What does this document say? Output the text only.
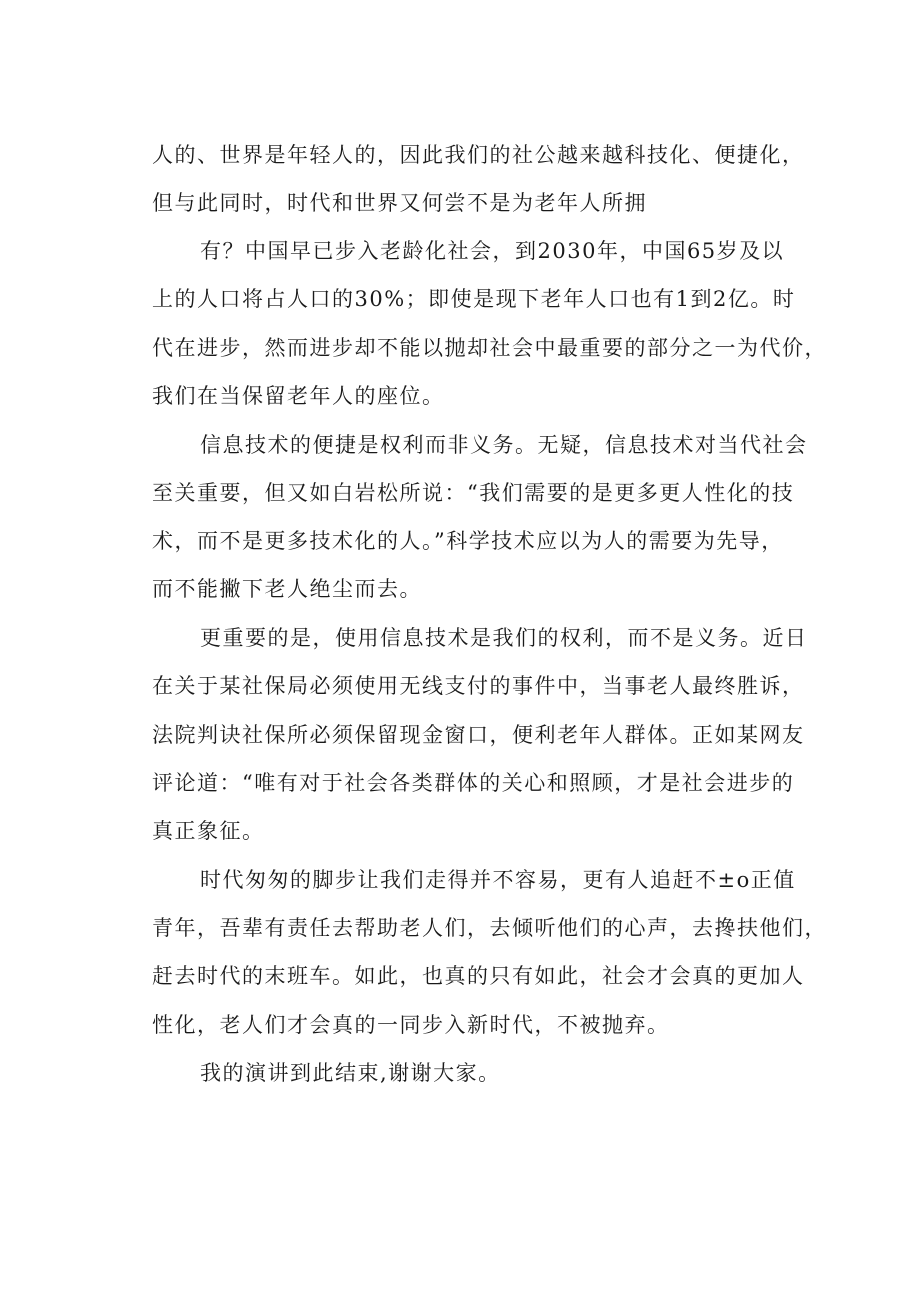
人的、世界是年轻人的，因此我们的社公越来越科技化、便捷化，
但与此同时，时代和世界又何尝不是为老年人所拥
有？中国早已步入老龄化社会，到2030年，中国65岁及以
上的人口将占人口的30%；即使是现下老年人口也有1到2亿。时
代在进步，然而进步却不能以抛却社会中最重要的部分之一为代价，
我们在当保留老年人的座位。
信息技术的便捷是权利而非义务。无疑，信息技术对当代社会
至关重要，但又如白岩松所说：“我们需要的是更多更人性化的技
术，而不是更多技术化的人。”科学技术应以为人的需要为先导，
而不能撇下老人绝尘而去。
更重要的是，使用信息技术是我们的权利，而不是义务。近日
在关于某社保局必须使用无线支付的事件中，当事老人最终胜诉，
法院判诀社保所必须保留现金窗口，便利老年人群体。正如某网友
评论道：“唯有对于社会各类群体的关心和照顾，才是社会进步的
真正象征。
时代匆匆的脚步让我们走得并不容易，更有人追赶不±o正值
青年，吾辈有责任去帮助老人们，去倾听他们的心声，去搀扶他们，
赶去时代的末班车。如此，也真的只有如此，社会才会真的更加人
性化，老人们才会真的一同步入新时代，不被抛弃。
我的演讲到此结束,谢谢大家。
